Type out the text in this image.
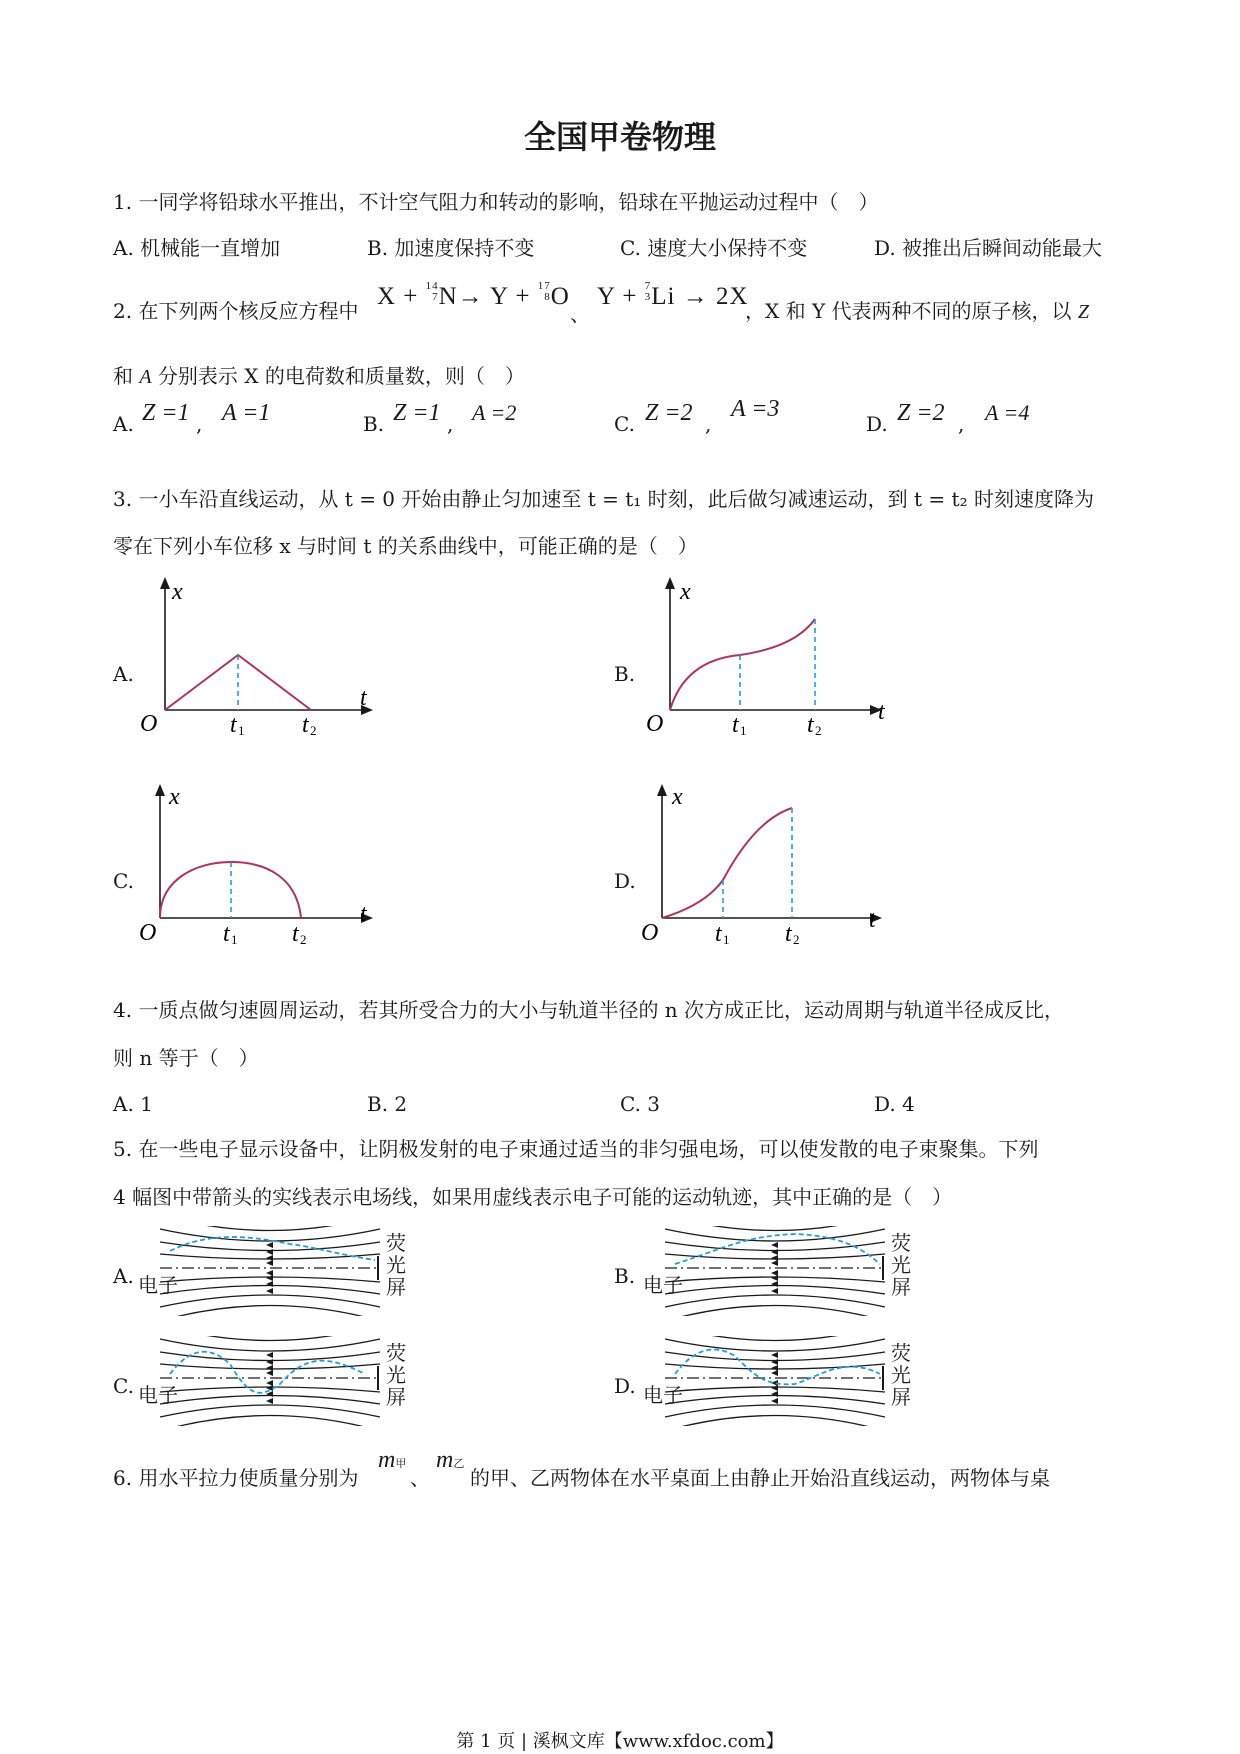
全国甲卷物理
1. 一同学将铅球水平推出，不计空气阻力和转动的影响，铅球在平抛运动过程中（　）
A. 机械能一直增加	B. 加速度保持不变	C. 速度大小保持不变	D. 被推出后瞬间动能最大
2. 在下列两个核反应方程中
X + 14
7N→ Y + 17
8O
、
Y + 7
3Li → 2X
，X 和 Y 代表两种不同的原子核，以 Z
和 A 分别表示 X 的电荷数和质量数，则（　）
A. Z =1 , A =1	B. Z =1 , A =2	C. Z =2 ,
A =3
D. Z =2 , A =4
3. 一小车沿直线运动，从 t = 0 开始由静止匀加速至 t = t₁ 时刻，此后做匀减速运动，到 t = t₂ 时刻速度降为
零在下列小车位移 x 与时间 t 的关系曲线中，可能正确的是（　）
A.
x
t
O	t 1 t 2
B.
x
t
O	t 1	t 2
C.
x
t
O	t 1 t 2
D.
x
t
O t 1 t 2
4. 一质点做匀速圆周运动，若其所受合力的大小与轨道半径的 n 次方成正比，运动周期与轨道半径成反比，
则 n 等于（　）
A. 1	B. 2	C. 3	D. 4
5. 在一些电子显示设备中，让阴极发射的电子束通过适当的非匀强电场，可以使发散的电子束聚集。下列
4 幅图中带箭头的实线表示电场线，如果用虚线表示电子可能的运动轨迹，其中正确的是（　）
A. 电子
荧
光
屏	B. 电子
荧
光
屏
C. 电子
荧
光
屏	D. 电子
荧
光
屏
6. 用水平拉力使质量分别为
m甲
、
m乙
的甲、乙两物体在水平桌面上由静止开始沿直线运动，两物体与桌
第 1 页 | 溪枫文库【www.xfdoc.com】
